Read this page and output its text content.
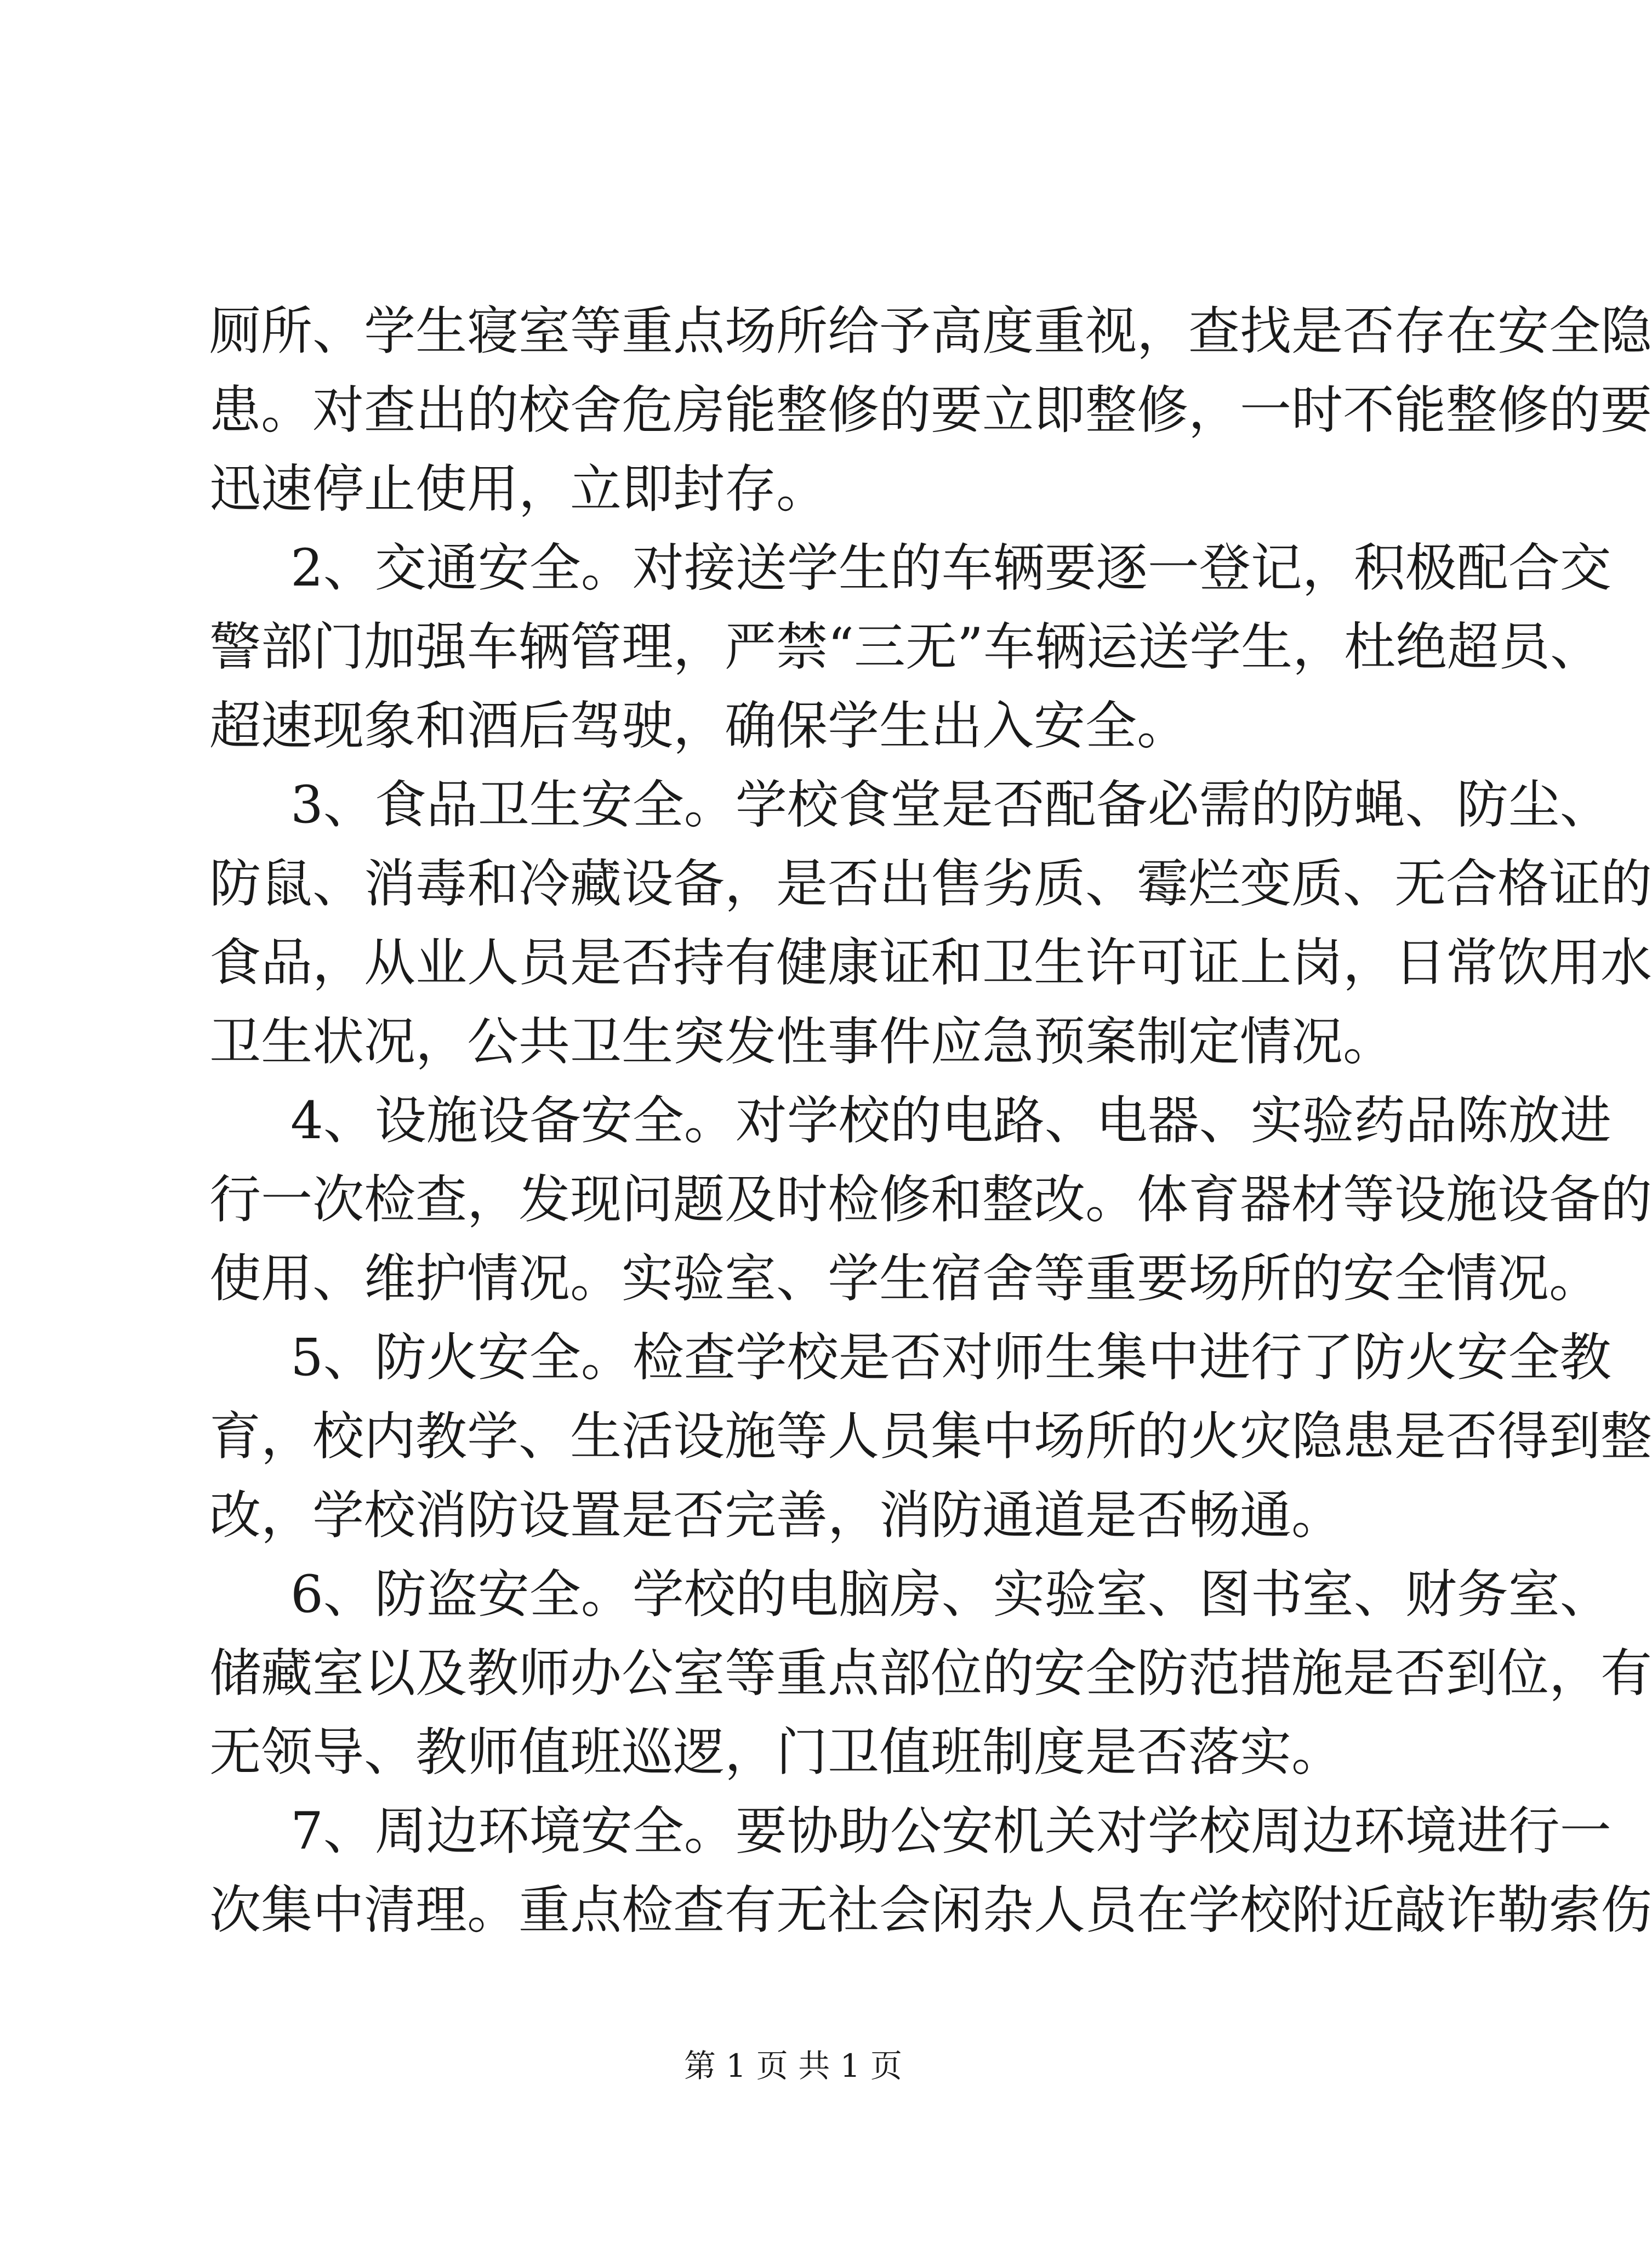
厕所、学生寝室等重点场所给予高度重视，查找是否存在安全隐
患。对查出的校舍危房能整修的要立即整修，一时不能整修的要
迅速停止使用，立即封存。
2、交通安全。对接送学生的车辆要逐一登记，积极配合交
警部门加强车辆管理，严禁“三无”车辆运送学生，杜绝超员、
超速现象和酒后驾驶，确保学生出入安全。
3、食品卫生安全。学校食堂是否配备必需的防蝇、防尘、
防鼠、消毒和冷藏设备，是否出售劣质、霉烂变质、无合格证的
食品，从业人员是否持有健康证和卫生许可证上岗，日常饮用水
卫生状况，公共卫生突发性事件应急预案制定情况。
4、设施设备安全。对学校的电路、电器、实验药品陈放进
行一次检查，发现问题及时检修和整改。体育器材等设施设备的
使用、维护情况。实验室、学生宿舍等重要场所的安全情况。
5、防火安全。检查学校是否对师生集中进行了防火安全教
育，校内教学、生活设施等人员集中场所的火灾隐患是否得到整
改，学校消防设置是否完善，消防通道是否畅通。
6、防盗安全。学校的电脑房、实验室、图书室、财务室、
储藏室以及教师办公室等重点部位的安全防范措施是否到位，有
无领导、教师值班巡逻，门卫值班制度是否落实。
7、周边环境安全。要协助公安机关对学校周边环境进行一
次集中清理。重点检查有无社会闲杂人员在学校附近敲诈勒索伤
第 1 页 共 1 页
